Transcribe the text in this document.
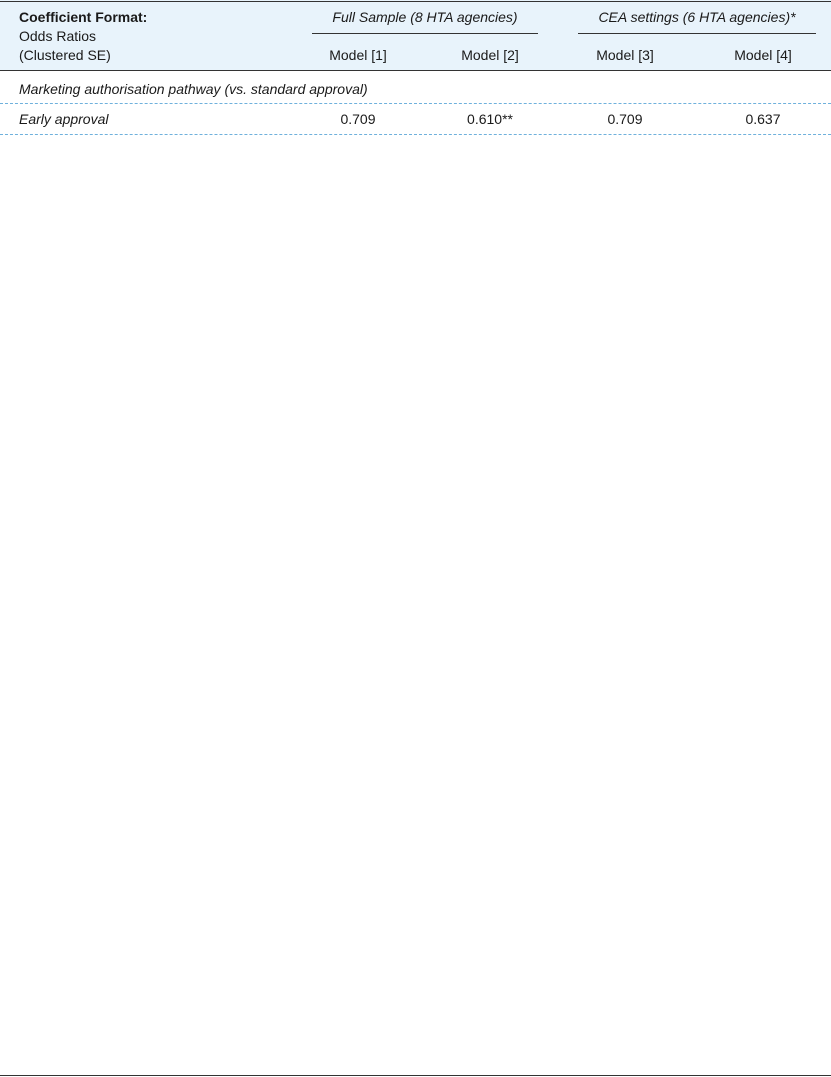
Coefficient Format:
Odds Ratios
(Clustered SE)
Full Sample (8 HTA agencies)	CEA settings (6 HTA agencies)*
Model [1]	Model [2]	Model [3]	Model [4]
Marketing authorisation pathway (vs. standard approval)
Early approval	0.709	0.610**	0.709	0.637
